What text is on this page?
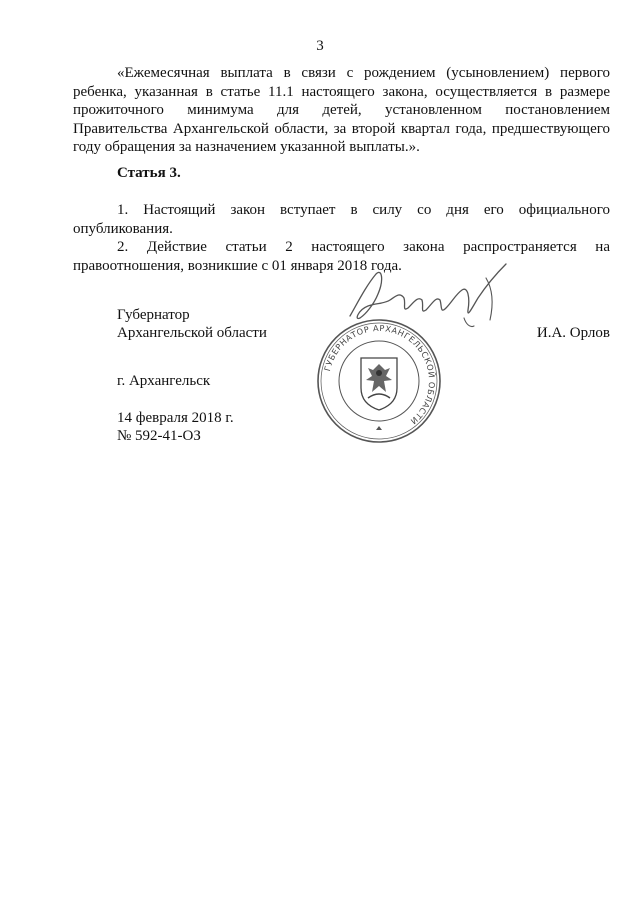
3
«Ежемесячная выплата в связи с рождением (усыновлением) первого ребенка, указанная в статье 11.1 настоящего закона, осуществляется в размере прожиточного минимума для детей, установленном постановлением Правительства Архангельской области, за второй квартал года, предшествующего году обращения за назначением указанной выплаты.».
Статья 3.
1. Настоящий закон вступает в силу со дня его официального опубликования.
2. Действие статьи 2 настоящего закона распространяется на правоотношения, возникшие с 01 января 2018 года.
Губернатор
Архангельской области	И.А. Орлов
ГУБЕРНАТОР АРХАНГЕЛЬСКОЙ ОБЛАСТИ
г. Архангельск
14 февраля 2018 г.
№ 592-41-ОЗ
